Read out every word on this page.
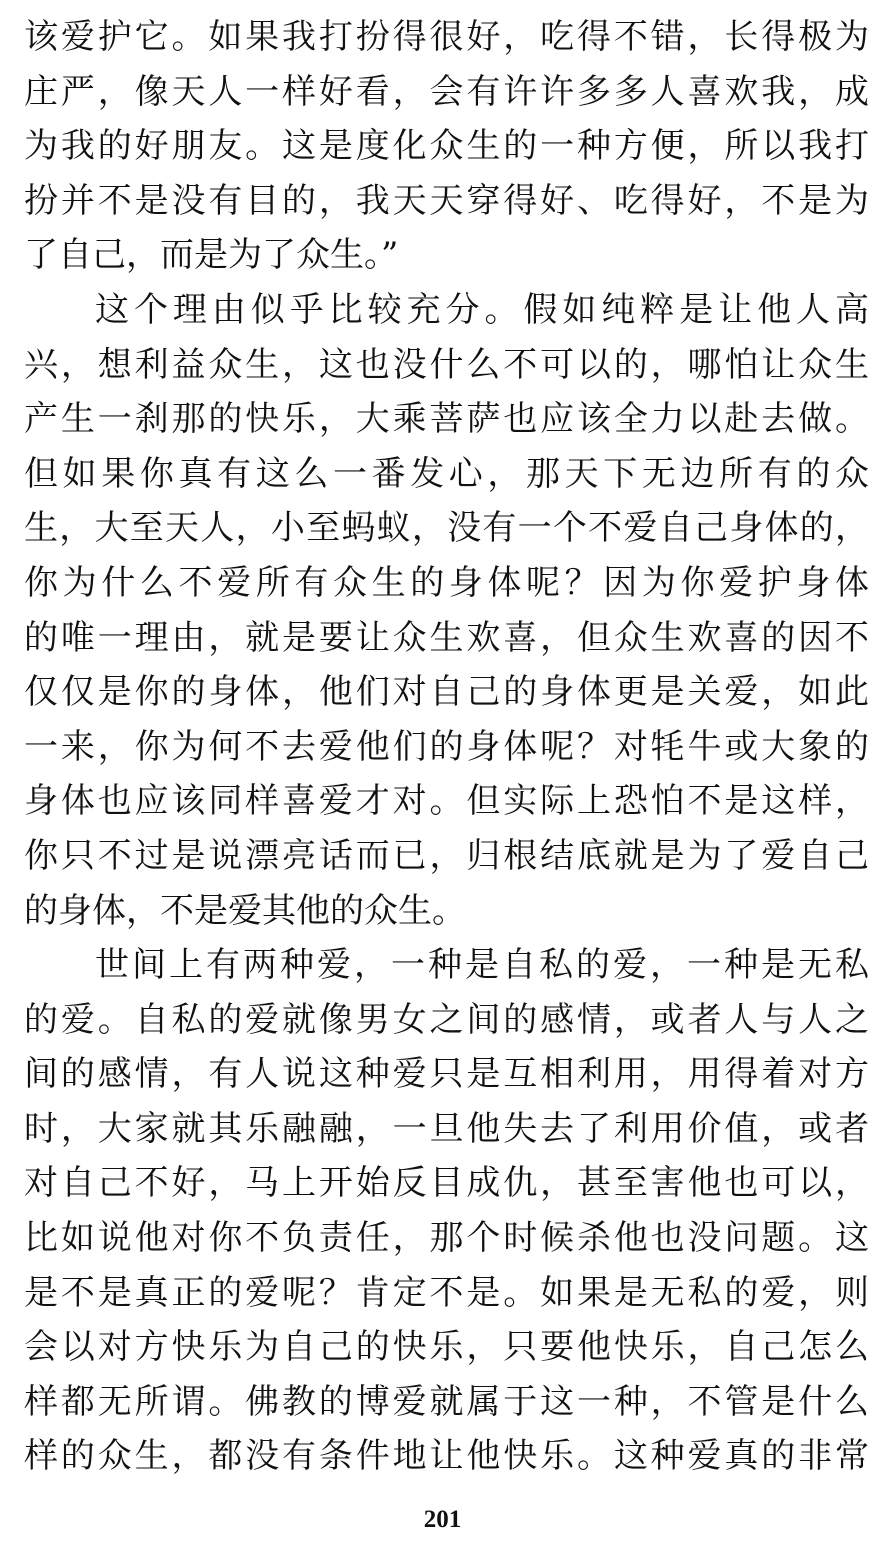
该爱护它。如果我打扮得很好，吃得不错，长得极为
庄严，像天人一样好看，会有许许多多人喜欢我，成
为我的好朋友。这是度化众生的一种方便，所以我打
扮并不是没有目的，我天天穿得好、吃得好，不是为
了自己，而是为了众生。”
这个理由似乎比较充分。假如纯粹是让他人高
兴，想利益众生，这也没什么不可以的，哪怕让众生
产生一刹那的快乐，大乘菩萨也应该全力以赴去做。
但如果你真有这么一番发心，那天下无边所有的众
生，大至天人，小至蚂蚁，没有一个不爱自己身体的，
你为什么不爱所有众生的身体呢？因为你爱护身体
的唯一理由，就是要让众生欢喜，但众生欢喜的因不
仅仅是你的身体，他们对自己的身体更是关爱，如此
一来，你为何不去爱他们的身体呢？对牦牛或大象的
身体也应该同样喜爱才对。但实际上恐怕不是这样，
你只不过是说漂亮话而已，归根结底就是为了爱自己
的身体，不是爱其他的众生。
世间上有两种爱，一种是自私的爱，一种是无私
的爱。自私的爱就像男女之间的感情，或者人与人之
间的感情，有人说这种爱只是互相利用，用得着对方
时，大家就其乐融融，一旦他失去了利用价值，或者
对自己不好，马上开始反目成仇，甚至害他也可以，
比如说他对你不负责任，那个时候杀他也没问题。这
是不是真正的爱呢？肯定不是。如果是无私的爱，则
会以对方快乐为自己的快乐，只要他快乐，自己怎么
样都无所谓。佛教的博爱就属于这一种，不管是什么
样的众生，都没有条件地让他快乐。这种爱真的非常
201
